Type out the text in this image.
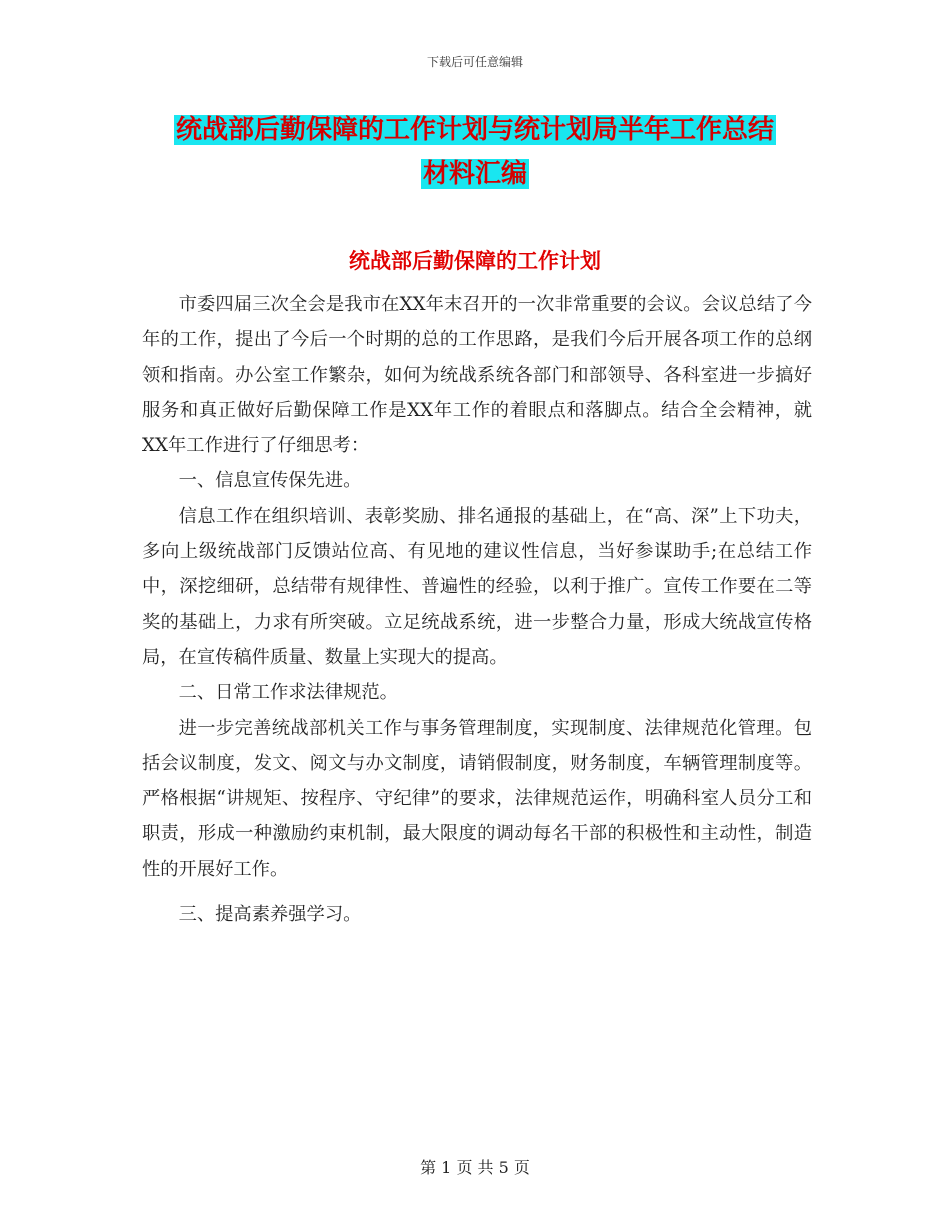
下载后可任意编辑
统战部后勤保障的工作计划与统计划局半年工作总结
材料汇编
统战部后勤保障的工作计划

市委四届三次全会是我市在XX年末召开的一次非常重要的会议。会议总结了今年的工作，提出了今后一个时期的总的工作思路，是我们今后开展各项工作的总纲领和指南。办公室工作繁杂，如何为统战系统各部门和部领导、各科室进一步搞好服务和真正做好后勤保障工作是XX年工作的着眼点和落脚点。结合全会精神，就XX年工作进行了仔细思考：

一、信息宣传保先进。

信息工作在组织培训、表彰奖励、排名通报的基础上，在“高、深”上下功夫，多向上级统战部门反馈站位高、有见地的建议性信息，当好参谋助手;在总结工作中，深挖细研，总结带有规律性、普遍性的经验，以利于推广。宣传工作要在二等奖的基础上，力求有所突破。立足统战系统，进一步整合力量，形成大统战宣传格局，在宣传稿件质量、数量上实现大的提高。

二、日常工作求法律规范。

进一步完善统战部机关工作与事务管理制度，实现制度、法律规范化管理。包括会议制度，发文、阅文与办文制度，请销假制度，财务制度，车辆管理制度等。严格根据“讲规矩、按程序、守纪律”的要求，法律规范运作，明确科室人员分工和职责，形成一种激励约束机制，最大限度的调动每名干部的积极性和主动性，制造性的开展好工作。

三、提高素养强学习。

第 1 页 共 5 页
